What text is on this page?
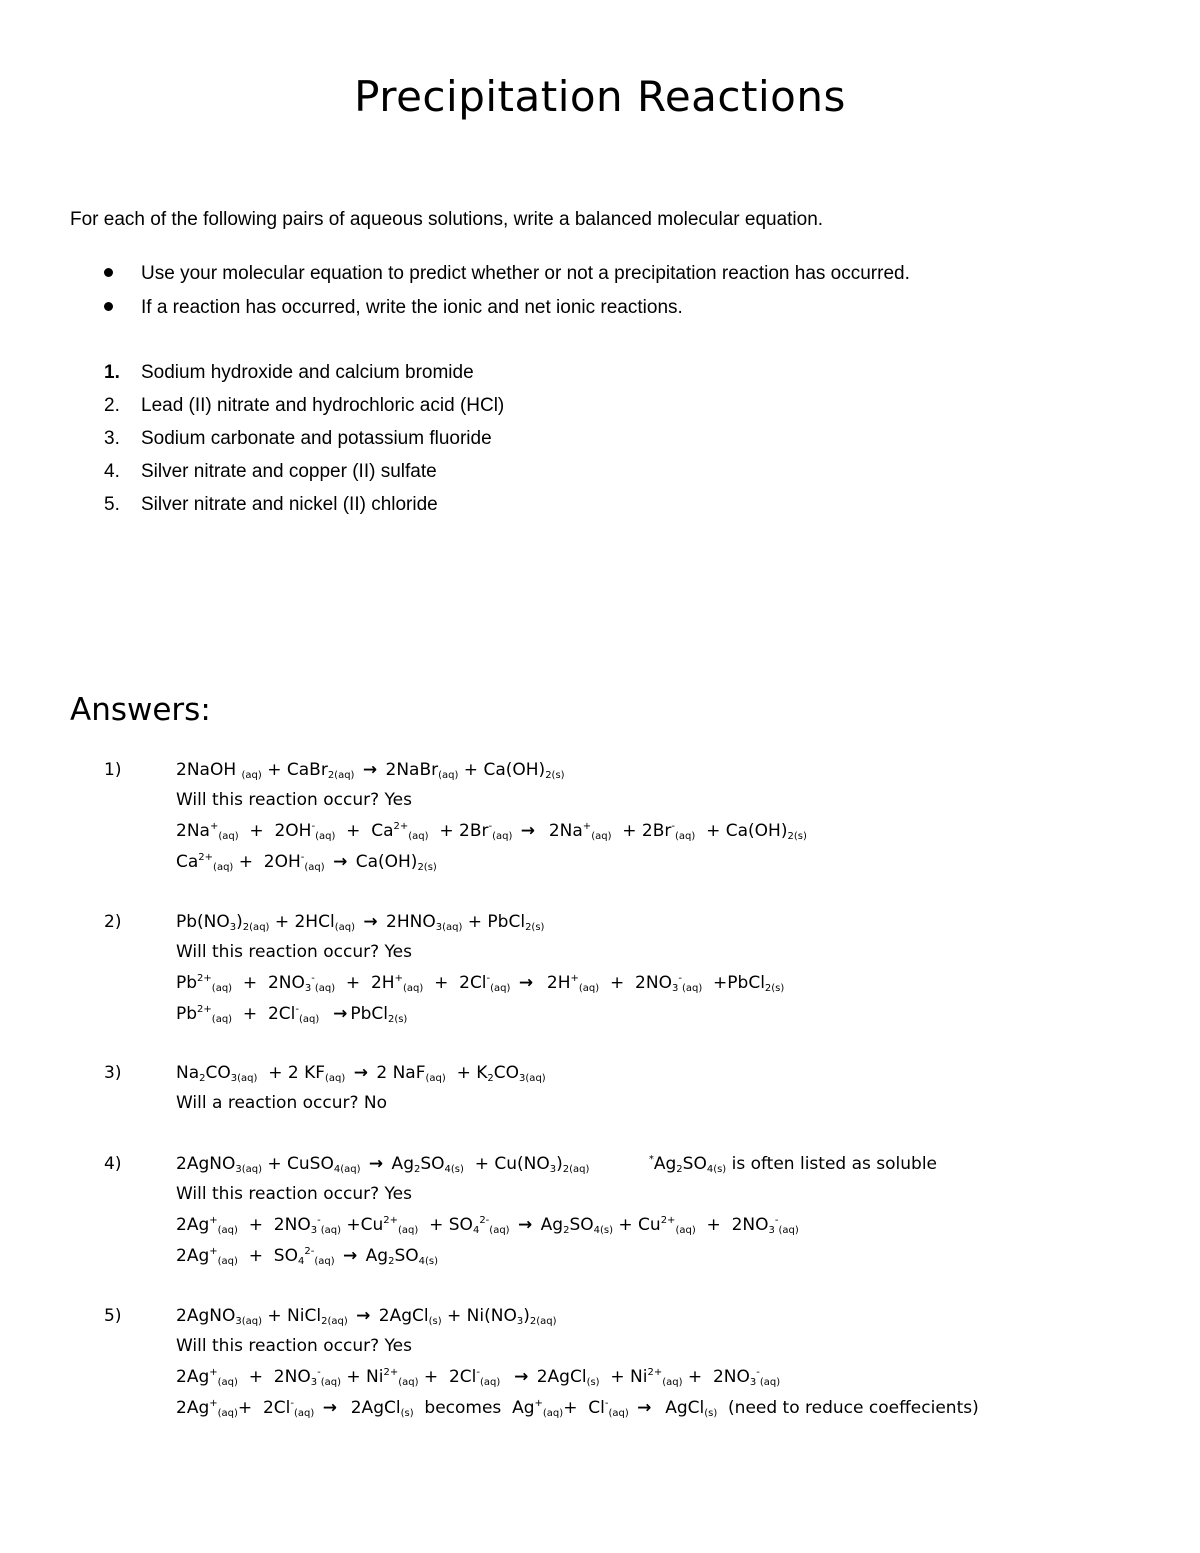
Precipitation Reactions
For each of the following pairs of aqueous solutions, write a balanced molecular equation.
Use your molecular equation to predict whether or not a precipitation reaction has occurred.
If a reaction has occurred, write the ionic and net ionic reactions.
1. Sodium hydroxide and calcium bromide
2. Lead (II) nitrate and hydrochloric acid (HCl)
3. Sodium carbonate and potassium fluoride
4. Silver nitrate and copper (II) sulfate
5. Silver nitrate and nickel (II) chloride
Answers:
1)	2NaOH $_{(aq)}$ + CaBr$_{2(aq)}$ → 2NaBr$_{(aq)}$ + $Ca(OH)_{2(s)}$
Will this reaction occur? Yes
$2Na^+_{(aq)} + 2OH^-_{(aq)} + Ca^{2+}_{(aq)} + 2Br^-_{(aq)} \to 2Na^+_{(aq)} + 2Br^-_{(aq)} + Ca(OH)_{2(s)}$
$Ca^{2+}_{(aq)} + 2OH^-_{(aq)} \to Ca(OH)_{2(s)}$
2)	$Pb(NO_3)_{2(aq)} + 2HCl_{(aq)} \to 2HNO_{3(aq)}$ + PbCl$_{2(s)}$
Will this reaction occur? Yes
$Pb^{2+}_{(aq)} + 2NO_3^-_{(aq)} + 2H^+_{(aq)} + 2Cl^-_{(aq)} \to 2H^+_{(aq)} + 2NO_3^-_{(aq)}$  +PbCl$_{2(s)}$
$Pb^{2+}_{(aq)} + 2Cl^-_{(aq)}$ → PbCl$_{2(s)}$
3)	$Na_2CO_{3(aq)} + 2$ $KF_{(aq)} \to 2$ $NaF_{(aq)} + K_2CO_{3(aq)}$
Will a reaction occur? No
4)	2AgNO$_{3(aq)}$ + CuSO$_{4(aq)}$ → $Ag_2SO_{4(s)} + Cu(NO_3)_{2(aq)}$           $^*Ag_2SO_{4(s)}$ is often listed as soluble
Will this reaction occur? Yes
$2Ag^+_{(aq)} + 2NO_3^-_{(aq)} +Cu^{2+}_{(aq)} + SO_4^{2-}_{(aq)} \to Ag_2SO_{4(s)} + Cu^{2+}_{(aq)} + 2NO_3^-_{(aq)}$
$2Ag^+_{(aq)} + SO_4^{2-}_{(aq)} \to Ag_2SO_{4(s)}$
5)	2AgNO$_{3(aq)}$ + NiCl$_{2(aq)}$ → 2AgCl$_{(s)}$ + $Ni(NO_3)_{2(aq)}$
Will this reaction occur? Yes
$2Ag^+_{(aq)} + 2NO_3^-_{(aq)} + Ni^{2+}_{(aq)} + 2Cl^-_{(aq)}$ → 2AgCl$_{(s)}$  + $Ni^{2+}_{(aq)} + 2NO_3^-_{(aq)}$
$2Ag^+_{(aq)}+ 2Cl^-_{(aq)}$ →  2AgCl$_{(s)}$  becomes  $Ag^+_{(aq)}+ Cl^-_{(aq)}$ →  AgCl$_{(s)}$  (need to reduce coeffecients)
